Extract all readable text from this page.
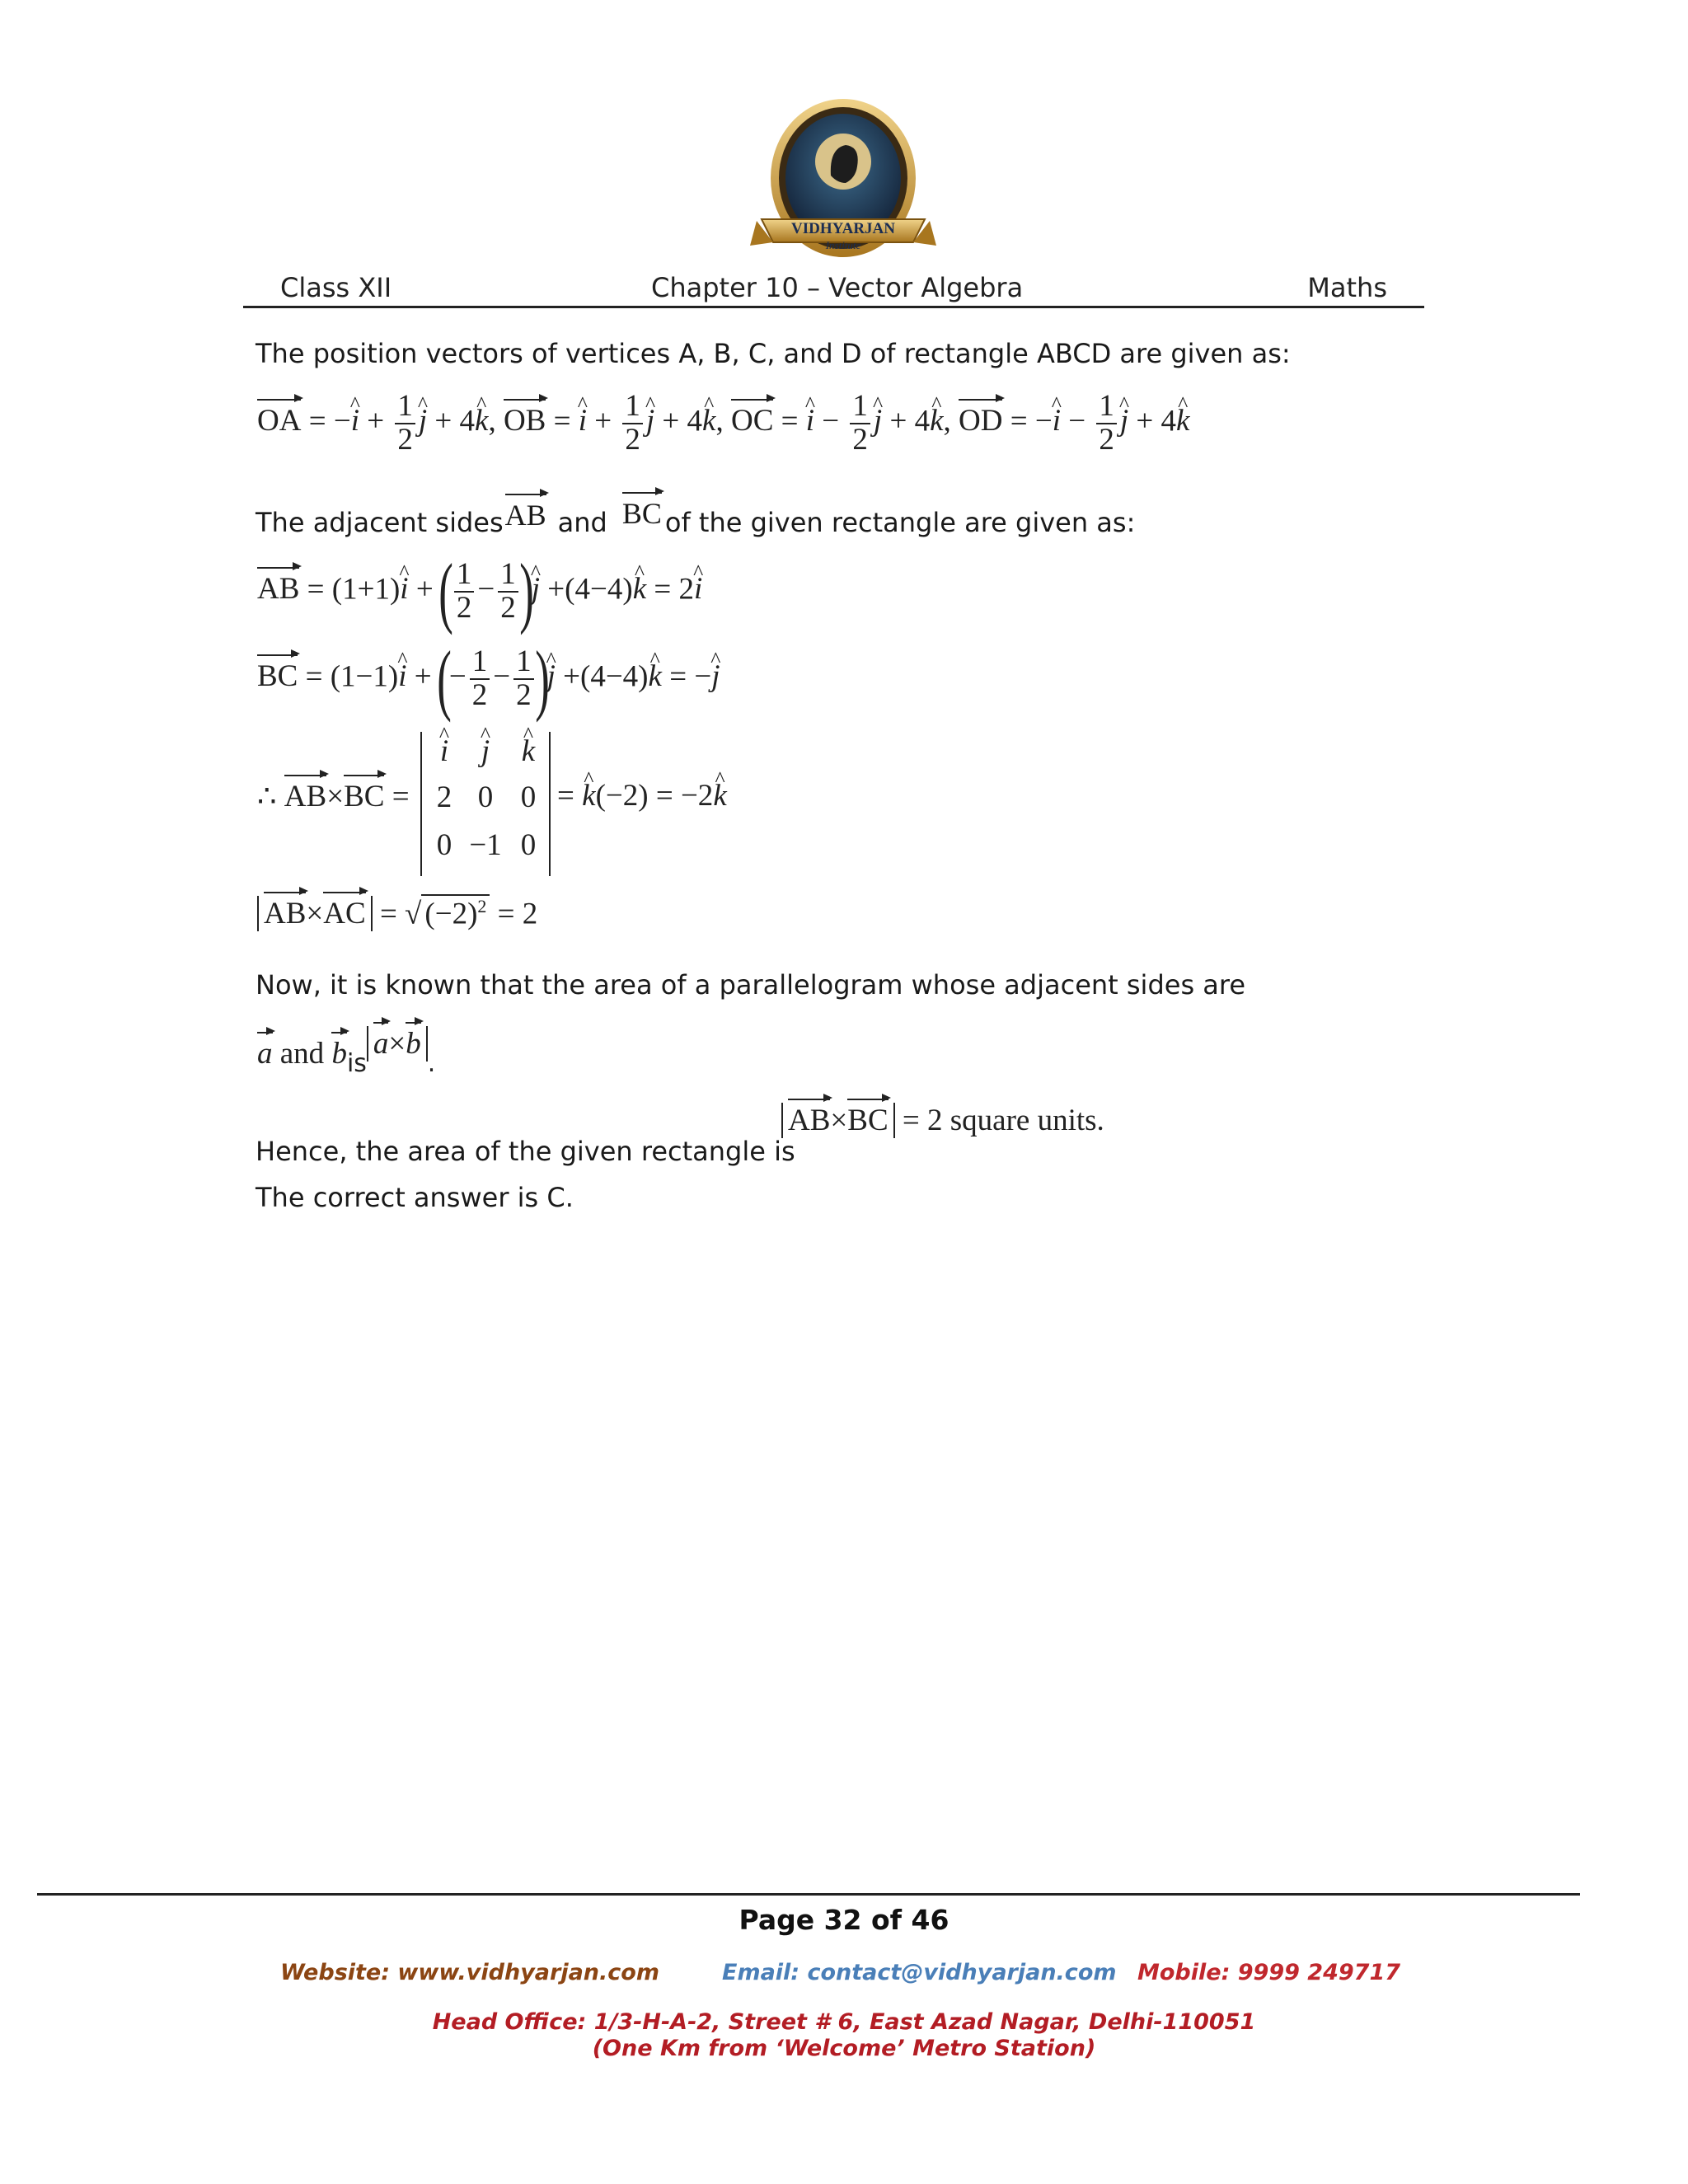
VIDHYARJAN
Institute
Class XII	Chapter 10 – Vector Algebra	Maths
The position vectors of vertices A, B, C, and D of rectangle ABCD are given as:
OA = −i ^ + $\frac{1}{2}$ j ^ + 4k ^, OB = i ^ + $\frac{1}{2}$ j ^ + 4k ^, OC = i ^ − $\frac{1}{2}$ j ^ + 4k ^, OD = −i ^ − $\frac{1}{2}$ j ^ + 4k ^
The adjacent sidesAB and BC of the given rectangle are given as:
AB = (1+1)i ^ + ( $\frac{1}{2} - \frac{1}{2} )j$ ^ +(4−4)k ^ = 2i ^
BC = (1−1)i ^ + (− $\frac{1}{2} - \frac{1}{2} )j$ ^ +(4−4)k ^ = −j ^
∴ AB×BC =
i ^	j ^	k ^
2 0 0
0 −1 0
= k ^(−2) = −2k ^
AB×AC = √ $(-2)^2 = 2$
Now, it is known that the area of a parallelogram whose adjacent sides are
a and $b_{is}a\times b_.$
Hence, the area of the given rectangle is
AB×BC = 2 square units.
The correct answer is C.
Page 32 of 46
Website: www.vidhyarjan.com	Email: contact@vidhyarjan.com Mobile: 9999 249717
Head Office: 1/3-H-A-2, Street # 6, East Azad Nagar, Delhi-110051
(One Km from ‘Welcome’ Metro Station)
